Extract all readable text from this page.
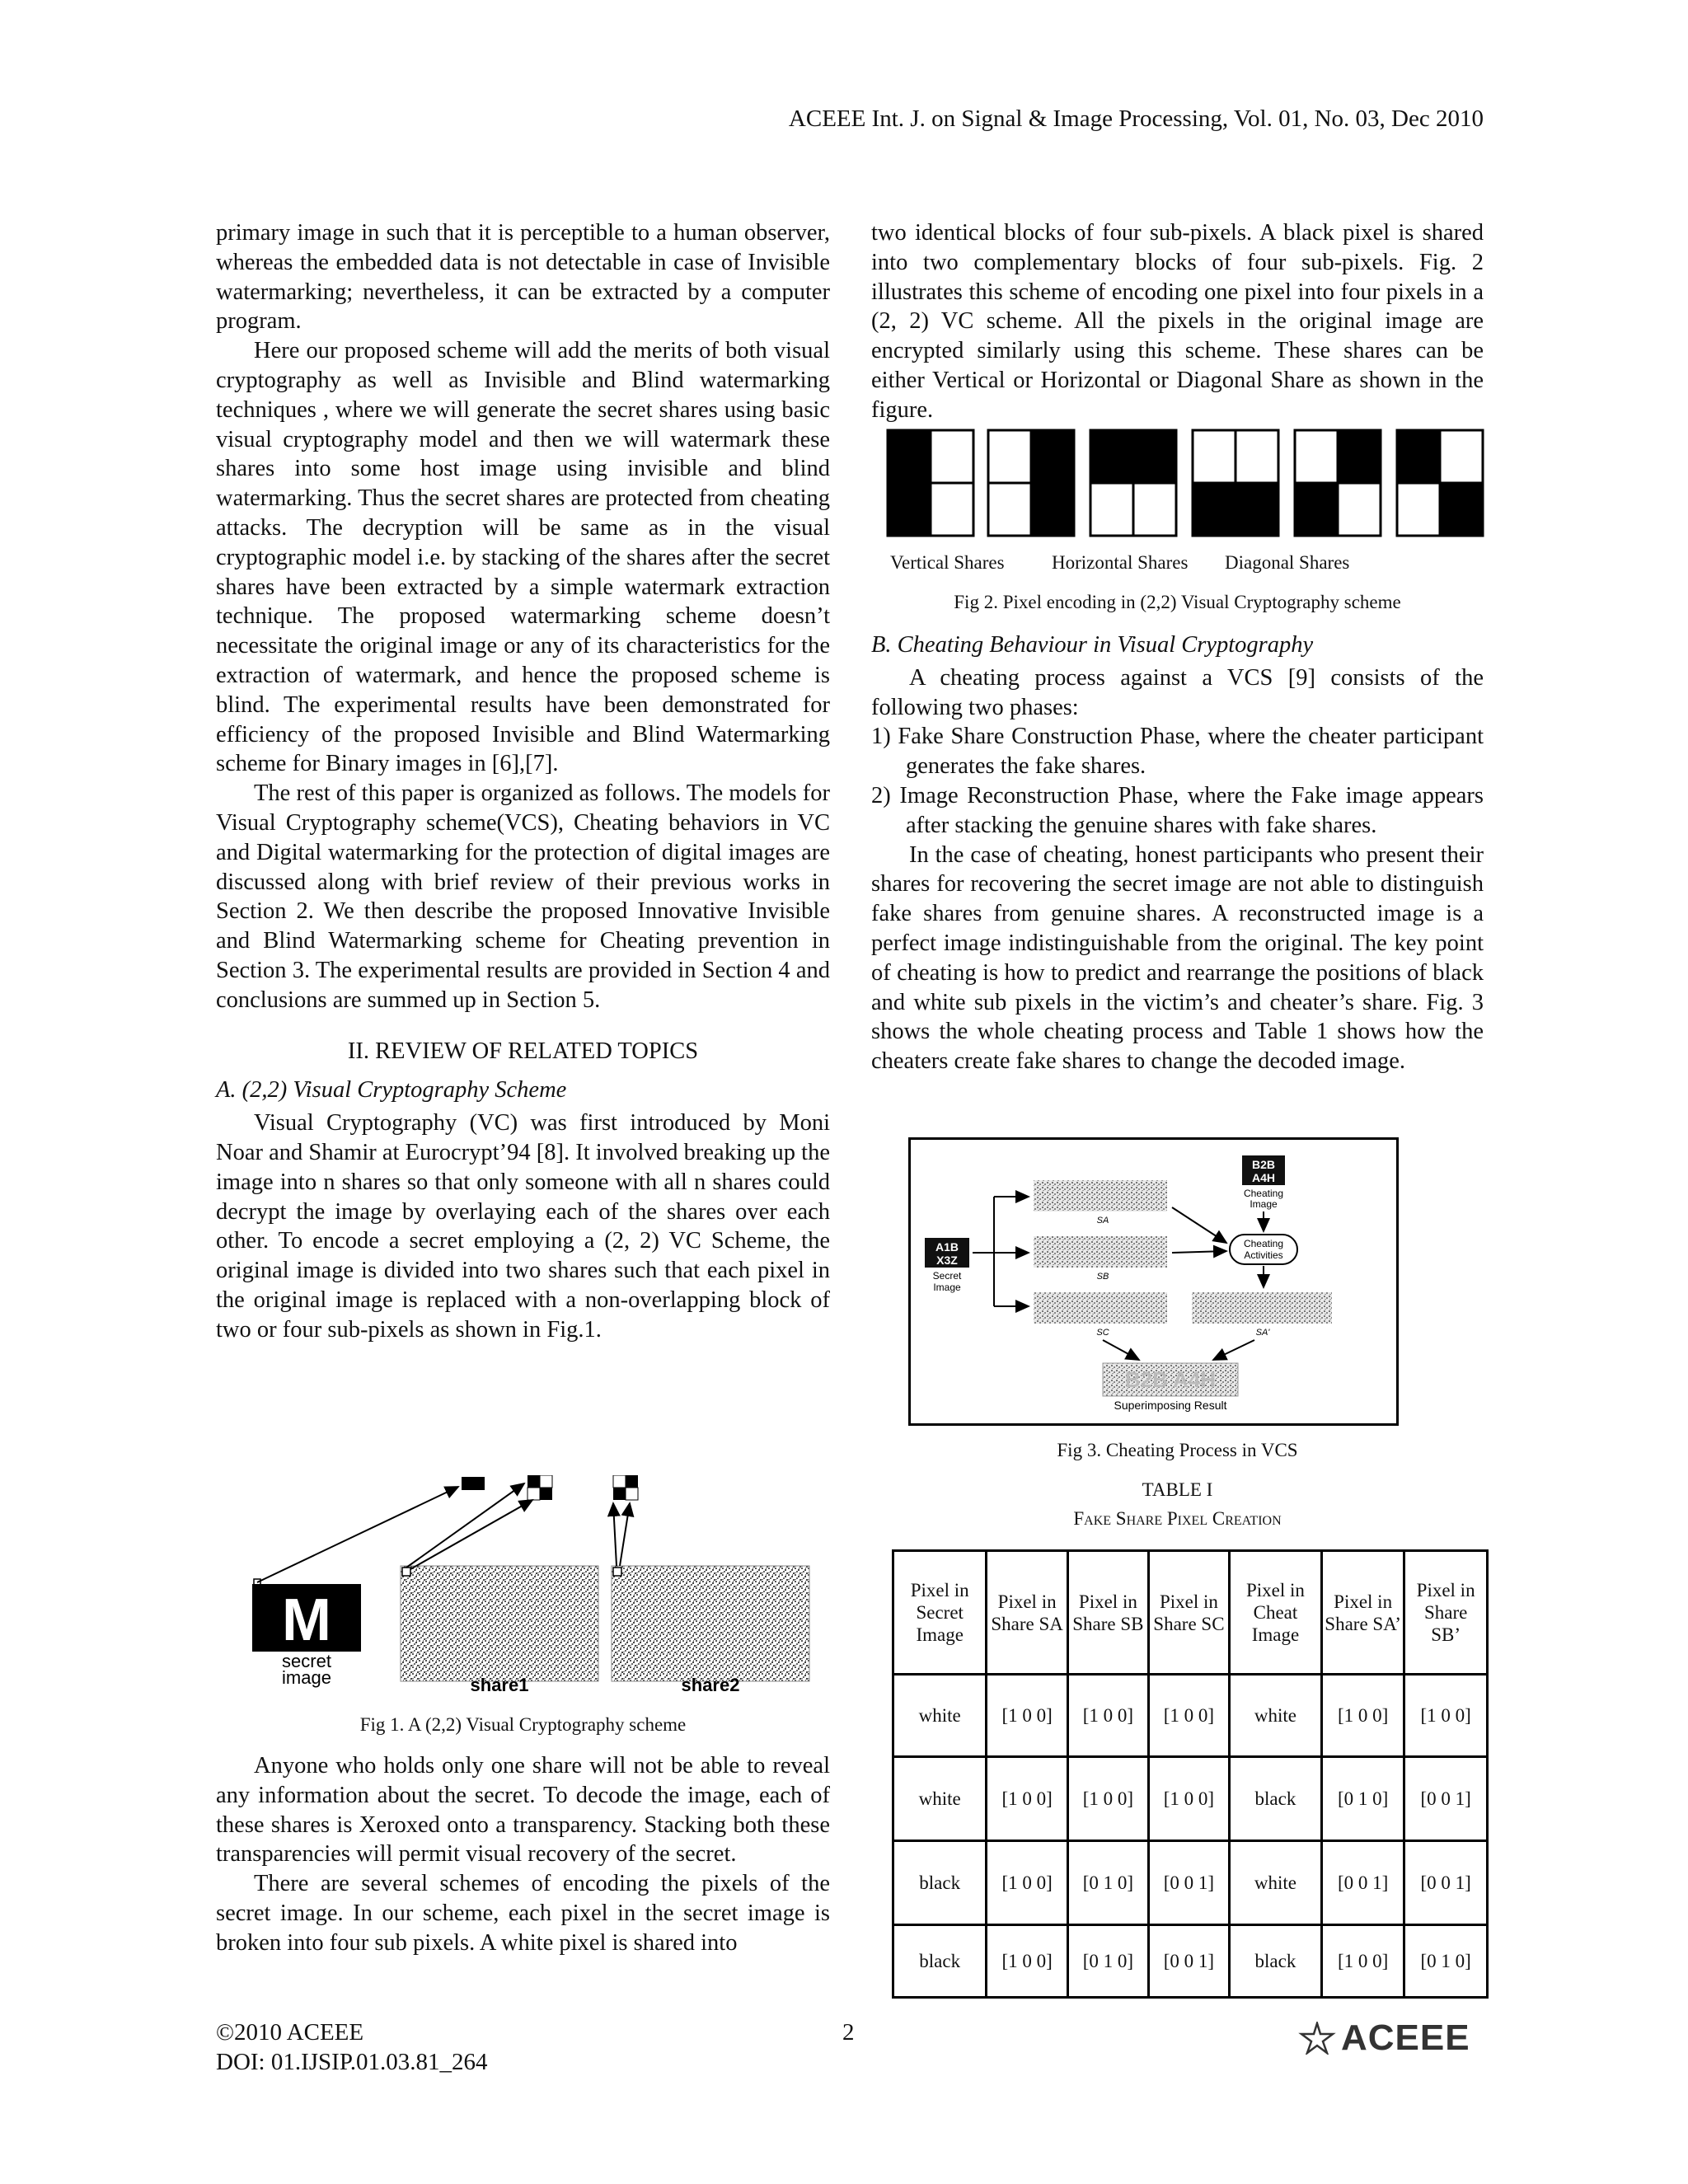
ACEEE Int. J. on Signal & Image Processing, Vol. 01, No. 03, Dec 2010

primary image in such that it is perceptible to a human observer, whereas the embedded data is not detectable in case of Invisible watermarking; nevertheless, it can be extracted by a computer program.

Here our proposed scheme will add the merits of both visual cryptography as well as Invisible and Blind watermarking techniques , where we will generate the secret shares using basic visual cryptography model and then we will watermark these shares into some host image using invisible and blind watermarking. Thus the secret shares are protected from cheating attacks. The decryption will be same as in the visual cryptographic model i.e. by stacking of the shares after the secret shares have been extracted by a simple watermark extraction technique. The proposed watermarking scheme doesn’t necessitate the original image or any of its characteristics for the extraction of watermark, and hence the proposed scheme is blind. The experimental results have been demonstrated for efficiency of the proposed Invisible and Blind Watermarking scheme for Binary images in [6],[7].

The rest of this paper is organized as follows. The models for Visual Cryptography scheme(VCS), Cheating behaviors in VC and Digital watermarking for the protection of digital images are discussed along with brief review of their previous works in Section 2. We then describe the proposed Innovative Invisible and Blind Watermarking scheme for Cheating prevention in Section 3. The experimental results are provided in Section 4 and conclusions are summed up in Section 5.

II. REVIEW OF RELATED TOPICS

A. (2,2) Visual Cryptography Scheme

Visual Cryptography (VC) was first introduced by Moni Noar and Shamir at Eurocrypt’94 [8]. It involved breaking up the image into n shares so that only someone with all n shares could decrypt the image by overlaying each of the shares over each other. To encode a secret employing a (2, 2) VC Scheme, the original image is divided into two shares such that each pixel in the original image is replaced with a non-overlapping block of two or four sub-pixels as shown in Fig.1.

M
secret
image	share1	share2
Fig 1. A (2,2) Visual Cryptography scheme

Anyone who holds only one share will not be able to reveal any information about the secret. To decode the image, each of these shares is Xeroxed onto a transparency. Stacking both these transparencies will permit visual recovery of the secret.

There are several schemes of encoding the pixels of the secret image. In our scheme, each pixel in the secret image is broken into four sub pixels. A white pixel is shared into

two identical blocks of four sub-pixels. A black pixel is shared into two complementary blocks of four sub-pixels. Fig. 2 illustrates this scheme of encoding one pixel into four pixels in a (2, 2) VC scheme. All the pixels in the original image are encrypted similarly using this scheme. These shares can be either Vertical or Horizontal or Diagonal Share as shown in the figure.

Vertical Shares Horizontal Shares Diagonal Shares
Fig 2. Pixel encoding in (2,2) Visual Cryptography scheme

B. Cheating Behaviour in Visual Cryptography

A cheating process against a VCS [9] consists of the following two phases:

1) Fake Share Construction Phase, where the cheater participant generates the fake shares.

2) Image Reconstruction Phase, where the Fake image appears after stacking the genuine shares with fake shares.

In the case of cheating, honest participants who present their shares for recovering the secret image are not able to distinguish fake shares from genuine shares. A reconstructed image is a perfect image indistinguishable from the original. The key point of cheating is how to predict and rearrange the positions of black and white sub pixels in the victim’s and cheater’s share. Fig. 3 shows the whole cheating process and Table 1 shows how the cheaters create fake shares to change the decoded image.

A1B
X3Z
Secret
Image
SA
SB
SC
B2B
A4H
Cheating
Image
Cheating
Activities
SA'
B2B A4H
Superimposing Result
Fig 3. Cheating Process in VCS
TABLE I
Fake Share Pixel Creation
Pixel in Secret Image	Pixel in Share SA	Pixel in Share SB	Pixel in Share SC	Pixel in Cheat Image	Pixel in Share SA’	Pixel in Share SB’
white	[1 0 0]	[1 0 0]	[1 0 0]	white	[1 0 0]	[1 0 0]
white	[1 0 0]	[1 0 0]	[1 0 0]	black	[0 1 0]	[0 0 1]
black	[1 0 0]	[0 1 0]	[0 0 1]	white	[0 0 1]	[0 0 1]
black	[1 0 0]	[0 1 0]	[0 0 1]	black	[1 0 0]	[0 1 0]
©2010 ACEEE
DOI: 01.IJSIP.01.03.81_264
2	ACEEE
